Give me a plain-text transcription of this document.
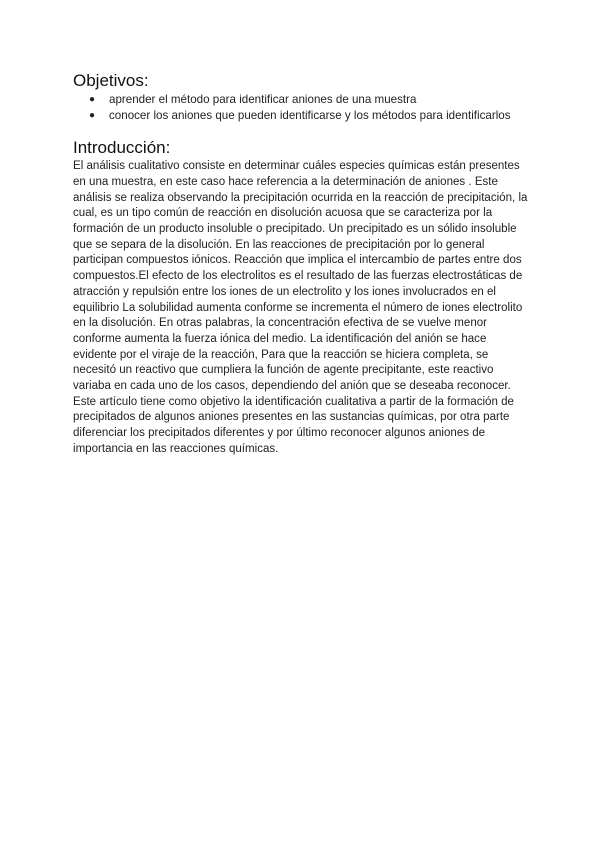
Objetivos:
● aprender el método para identificar aniones de una muestra
● conocer los aniones que pueden identificarse y los métodos para identificarlos
Introducción:

El análisis cualitativo consiste en determinar cuáles especies químicas están presentes en una muestra, en este caso hace referencia a la determinación de aniones . Este análisis se realiza observando la precipitación ocurrida en la reacción de precipitación, la cual, es un tipo común de reacción en disolución acuosa que se caracteriza por la formación de un producto insoluble o precipitado. Un precipitado es un sólido insoluble que se separa de la disolución. En las reacciones de precipitación por lo general participan compuestos iónicos. Reacción que implica el intercambio de partes entre dos compuestos.El efecto de los electrolitos es el resultado de las fuerzas electrostáticas de atracción y repulsión entre los iones de un electrolito y los iones involucrados en el equilibrio La solubilidad aumenta conforme se incrementa el número de iones electrolito en la disolución. En otras palabras, la concentración efectiva de se vuelve menor conforme aumenta la fuerza iónica del medio. La identificación del anión se hace evidente por el viraje de la reacción, Para que la reacción se hiciera completa, se necesitó un reactivo que cumpliera la función de agente precipitante, este reactivo variaba en cada uno de los casos, dependiendo del anión que se deseaba reconocer. Este artículo tiene como objetivo la identificación cualitativa a partir de la formación de precipitados de algunos aniones presentes en las sustancias químicas, por otra parte diferenciar los precipitados diferentes y por último reconocer algunos aniones de importancia en las reacciones químicas.
